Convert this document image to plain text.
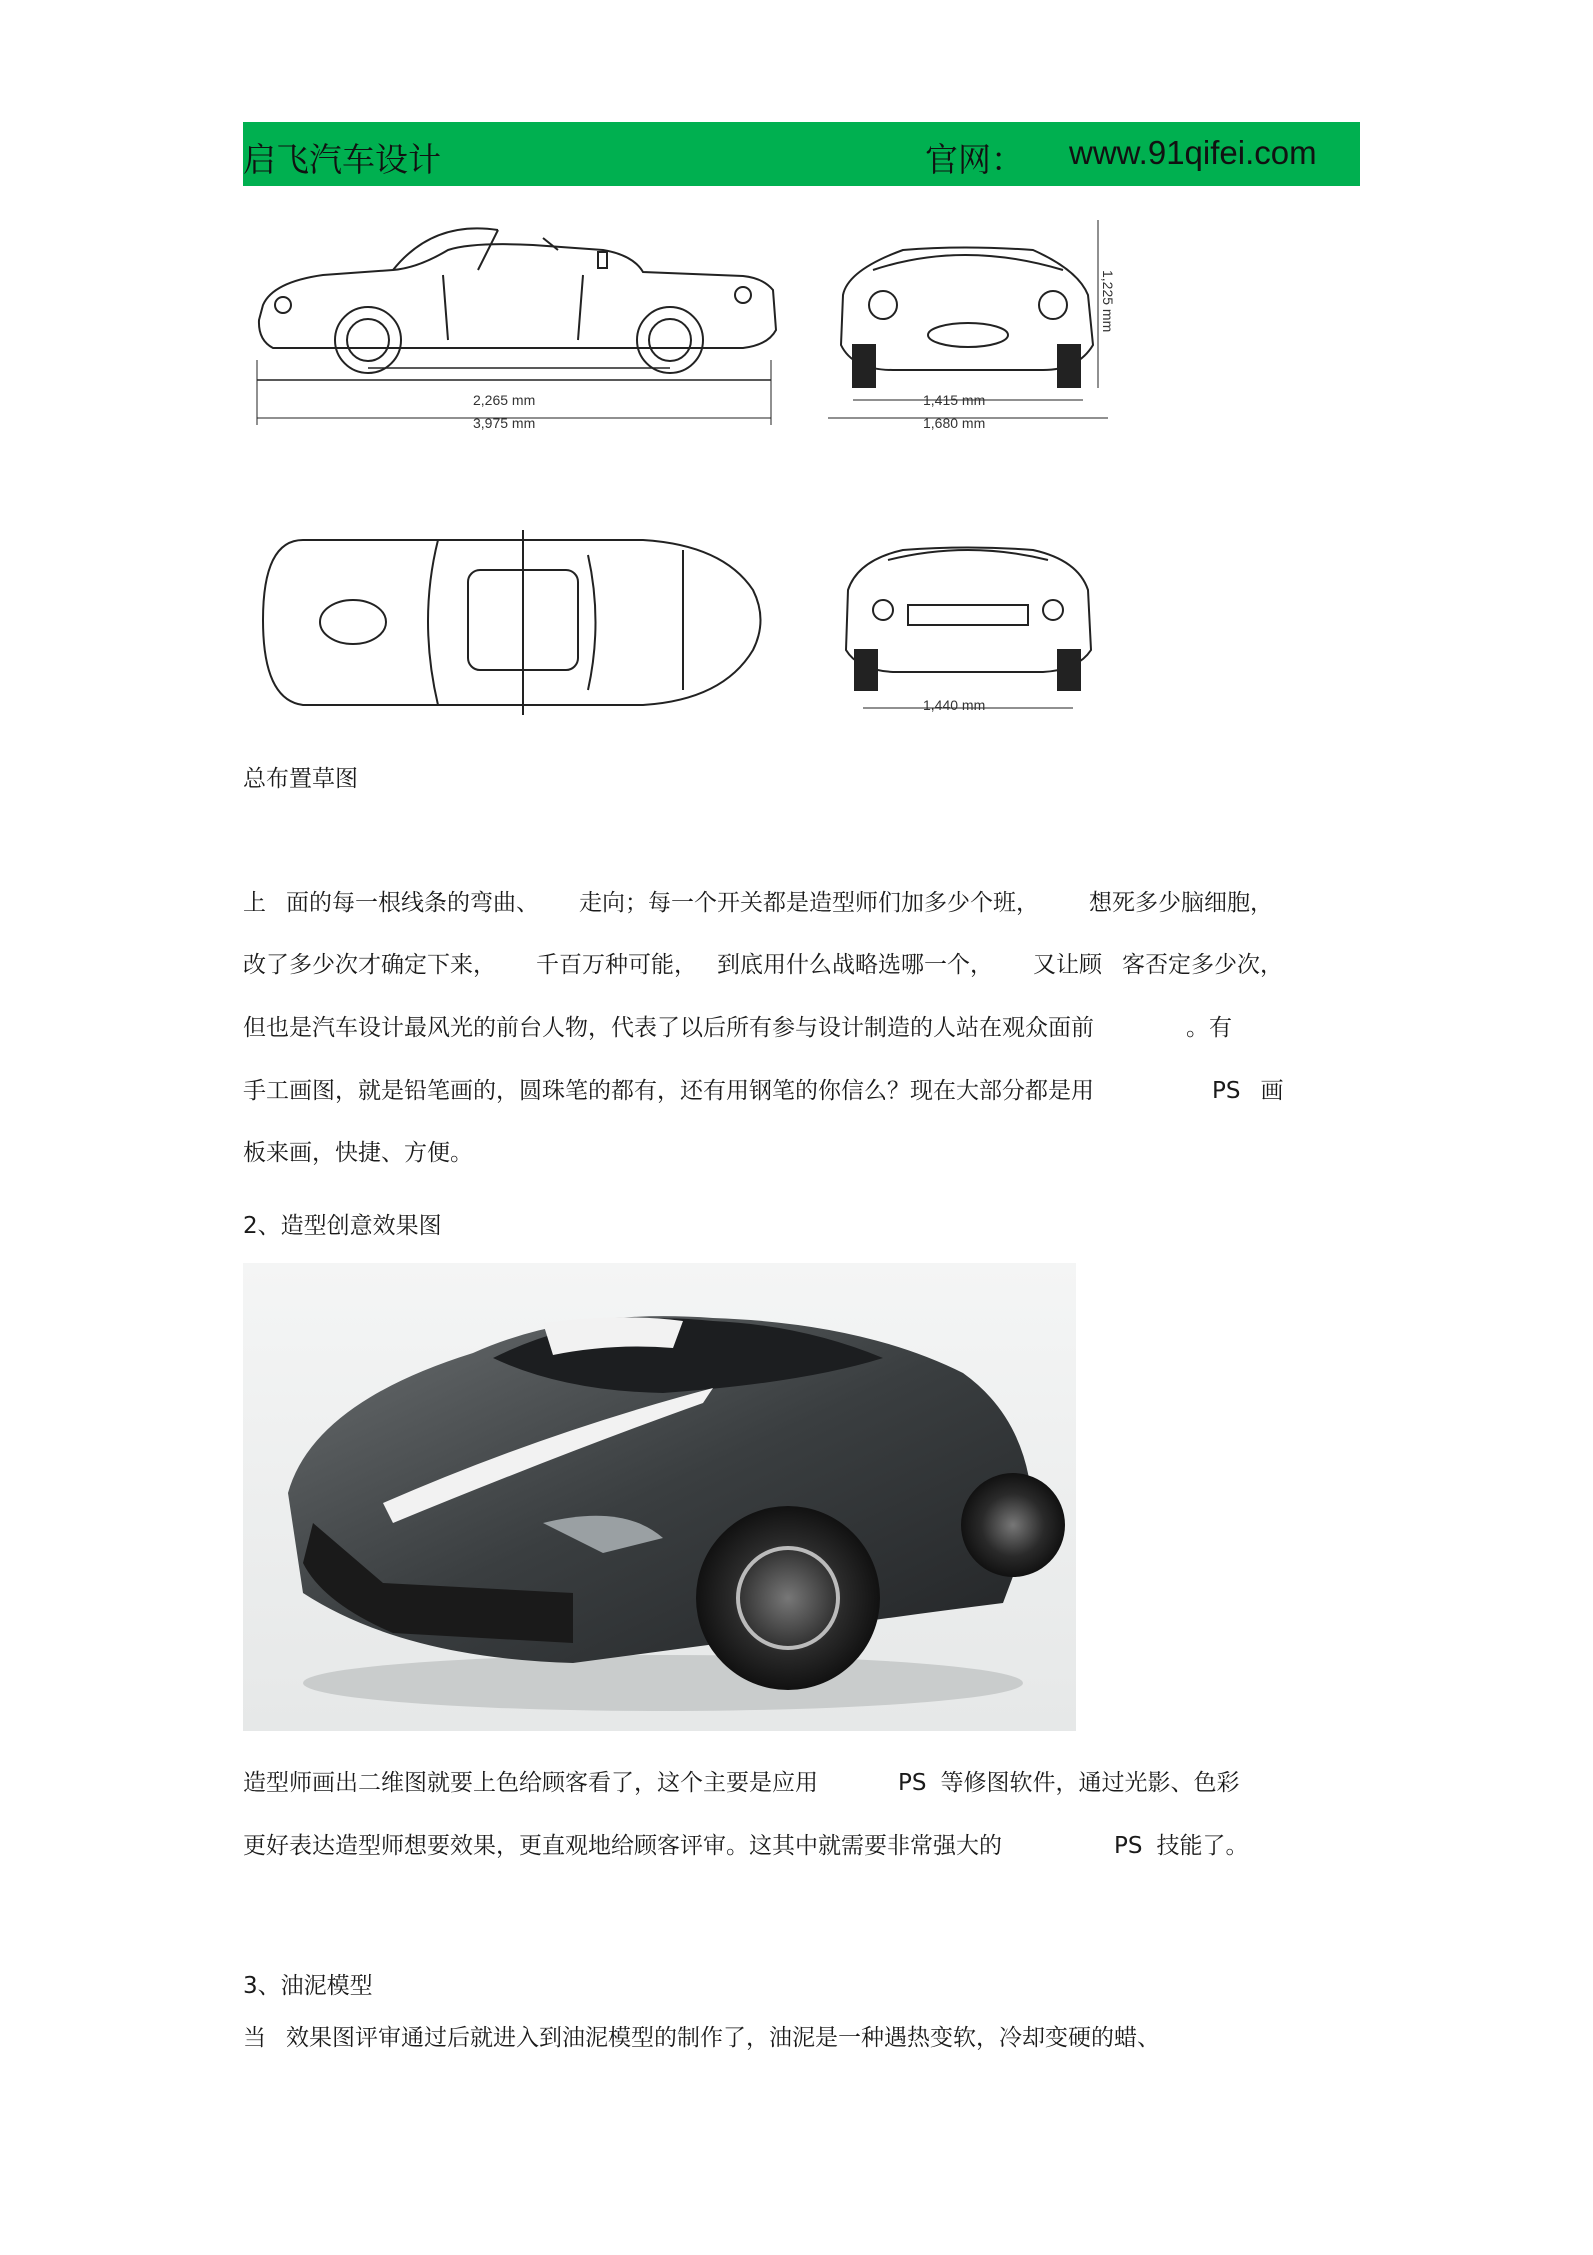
启飞汽车设计	官网： www.91qifei.com
2,265 mm
3,975 mm
1,415 mm
1,680 mm
1,225 mm
1,440 mm
总布置草图
上 面的每一根线条的弯曲、 走向；每一个开关都是造型师们加多少个班， 想死多少脑细胞，
改了多少次才确定下来， 千百万种可能， 到底用什么战略选哪一个， 又让顾 客否定多少次，
但也是汽车设计最风光的前台人物，代表了以后所有参与设计制造的人站在观众面前	。有
手工画图，就是铅笔画的，圆珠笔的都有，还有用钢笔的你信么？现在大部分都是用	PS 画
板来画，快捷、方便。
2、造型创意效果图
造型师画出二维图就要上色给顾客看了，这个主要是应用	PS 等修图软件，通过光影、色彩
更好表达造型师想要效果，更直观地给顾客评审。这其中就需要非常强大的	PS 技能了。
3、油泥模型
当 效果图评审通过后就进入到油泥模型的制作了，油泥是一种遇热变软，冷却变硬的蜡、
